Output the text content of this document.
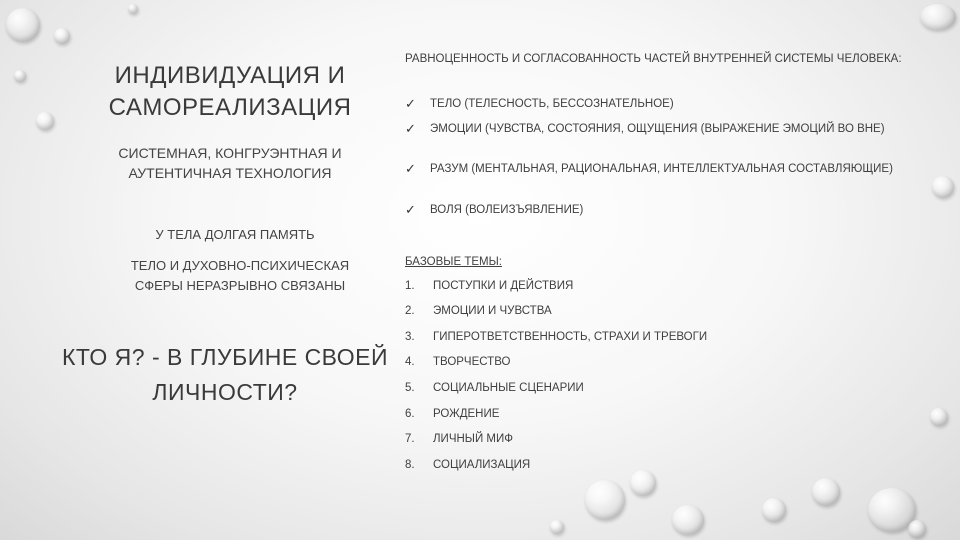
ИНДИВИДУАЦИЯ И САМОРЕАЛИЗАЦИЯ
СИСТЕМНАЯ, КОНГРУЭНТНАЯ И АУТЕНТИЧНАЯ ТЕХНОЛОГИЯ
У ТЕЛА ДОЛГАЯ ПАМЯТЬ
ТЕЛО И ДУХОВНО-ПСИХИЧЕСКАЯ СФЕРЫ НЕРАЗРЫВНО СВЯЗАНЫ
КТО Я? - В ГЛУБИНЕ СВОЕЙ ЛИЧНОСТИ?
РАВНОЦЕННОСТЬ И СОГЛАСОВАННОСТЬ ЧАСТЕЙ ВНУТРЕННЕЙ СИСТЕМЫ ЧЕЛОВЕКА:
✓ ТЕЛО (ТЕЛЕСНОСТЬ, БЕССОЗНАТЕЛЬНОЕ)
✓ ЭМОЦИИ (ЧУВСТВА, СОСТОЯНИЯ, ОЩУЩЕНИЯ (ВЫРАЖЕНИЕ ЭМОЦИЙ ВО ВНЕ)
✓ РАЗУМ (МЕНТАЛЬНАЯ, РАЦИОНАЛЬНАЯ, ИНТЕЛЛЕКТУАЛЬНАЯ СОСТАВЛЯЮЩИЕ)
✓ ВОЛЯ (ВОЛЕИЗЪЯВЛЕНИЕ)
БАЗОВЫЕ ТЕМЫ:
1. ПОСТУПКИ И ДЕЙСТВИЯ
2. ЭМОЦИИ И ЧУВСТВА
3. ГИПЕРОТВЕТСТВЕННОСТЬ, СТРАХИ И ТРЕВОГИ
4. ТВОРЧЕСТВО
5. СОЦИАЛЬНЫЕ СЦЕНАРИИ
6. РОЖДЕНИЕ
7. ЛИЧНЫЙ МИФ
8. СОЦИАЛИЗАЦИЯ
